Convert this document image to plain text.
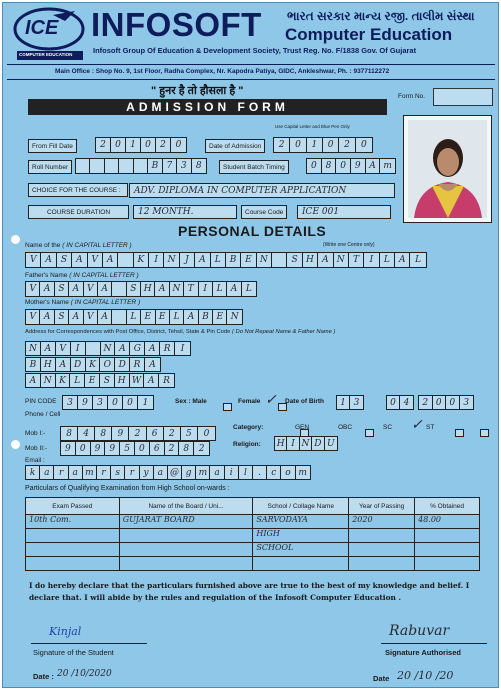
ICE
COMPUTER EDUCATION
INFOSOFT ભારત સરકાર માન્ય રજી. તાલીમ સંસ્થા
Computer Education
Infosoft Group Of Education & Development Society, Trust Reg. No. F/1838 Gov. Of Gujarat
Main Office : Shop No. 9, 1st Floor, Radha Complex, Nr. Kapodra Patiya, GIDC, Ankleshwar, Ph. : 9377112272
" हुनर है तो हौसला है "
ADMISSION FORM
Form No.
Use Capital Letter and Blue Pen Only
From Fill Date	2	0	1	0	2	0	Date of Admission	2	0	1	0	2	0
Roll Number	B 7 3	8	Student Batch Timing	0 8 0 9 A m
CHOICE FOR THE COURSE :	ADV. DIPLOMA IN COMPUTER APPLICATION
COURSE DURATION	12 MONTH.	Course Code	ICE 001
PERSONAL DETAILS
Name of the ( IN CAPITAL LETTER )	(Write one Centre only)
V A	S	A V A	K	I	N	J	A	L	B E N	S H A N T	I	L	A	L
Father's Name ( IN CAPITAL LETTER )
V A S A V A	S H A N T	I	L A L
Mother's Name ( IN CAPITAL LETTER )
V A S A V A	L E E L A B E N
Address for Correspondences with Post Office, District, Tehsil, State & Pin Code ( Do Not Repeat Name & Father Name )
N A V	I	N A G A R	I
B H A D K O D R A
A N K L E S H W A R
PIN CODE	3	9	3	0	0	1	Sex : Male
	Female
✓ Date of Birth	1 3	0 4	2 0 0 3
Phone / Cell
Mob I:-	8	4	8	9	2	6	2	5	0
Mob II:-	9	0	9	9	5	0	6	2	8	2
Category:
	GEN
	OBC	SC
✓ ST
Religion: H I N D U
Email :
k a	r	a m r	s	r	y a @ g m a	i	l	.	c o m
Particulars of Qualifying Examination from High School on-wards :
Exam Passed	Name of the Board / Uni...	School / Collage Name	Year of Passing	% Obtained
10th Com.	GUJARAT BOARD	SARVODAYA	2020	48.00
		HIGH		
		SCHOOL		

I do hereby declare that the particulars furnished above are true to the best of my knowledge and belief. I declare that. I will abide by the rules and regulation of the Infosoft Computer Education .
Kinjal
Signature of the Student
Date : 20 /10/2020
Rabuvar
Signature Authorised
Date 20 /10 /20
